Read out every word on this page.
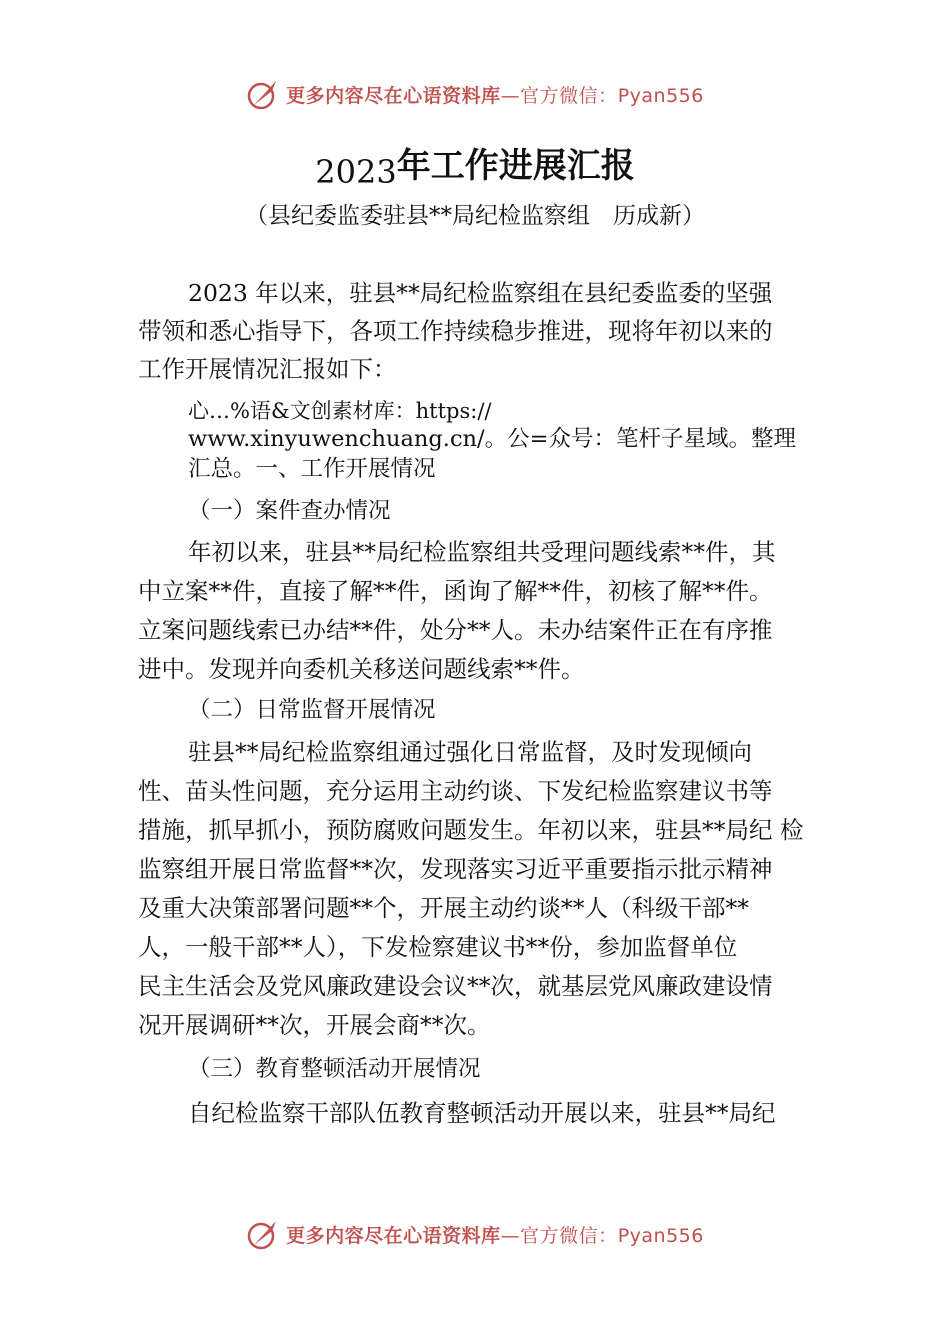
更多内容尽在心语资料库—官方微信：Pyan556
2023年工作进展汇报
（县纪委监委驻县**局纪检监察组　历成新）
2023 年以来，驻县**局纪检监察组在县纪委监委的坚强
带领和悉心指导下，各项工作持续稳步推进，现将年初以来的
工作开展情况汇报如下：
心…%语&文创素材库：https://
www.xinyuwenchuang.cn/。公=众号：笔杆子星域。整理
汇总。一、工作开展情况
（一）案件查办情况
年初以来，驻县**局纪检监察组共受理问题线索**件，其
中立案**件，直接了解**件，函询了解**件，初核了解**件。
立案问题线索已办结**件，处分**人。未办结案件正在有序推
进中。发现并向委机关移送问题线索**件。
（二）日常监督开展情况
驻县**局纪检监察组通过强化日常监督，及时发现倾向
性、苗头性问题，充分运用主动约谈、下发纪检监察建议书等
措施，抓早抓小，预防腐败问题发生。年初以来，驻县**局纪 检
监察组开展日常监督**次，发现落实习近平重要指示批示精神
及重大决策部署问题**个，开展主动约谈**人（科级干部**
人，一般干部**人），下发检察建议书**份，参加监督单位
民主生活会及党风廉政建设会议**次，就基层党风廉政建设情
况开展调研**次，开展会商**次。
（三）教育整顿活动开展情况
自纪检监察干部队伍教育整顿活动开展以来，驻县**局纪
更多内容尽在心语资料库—官方微信：Pyan556
